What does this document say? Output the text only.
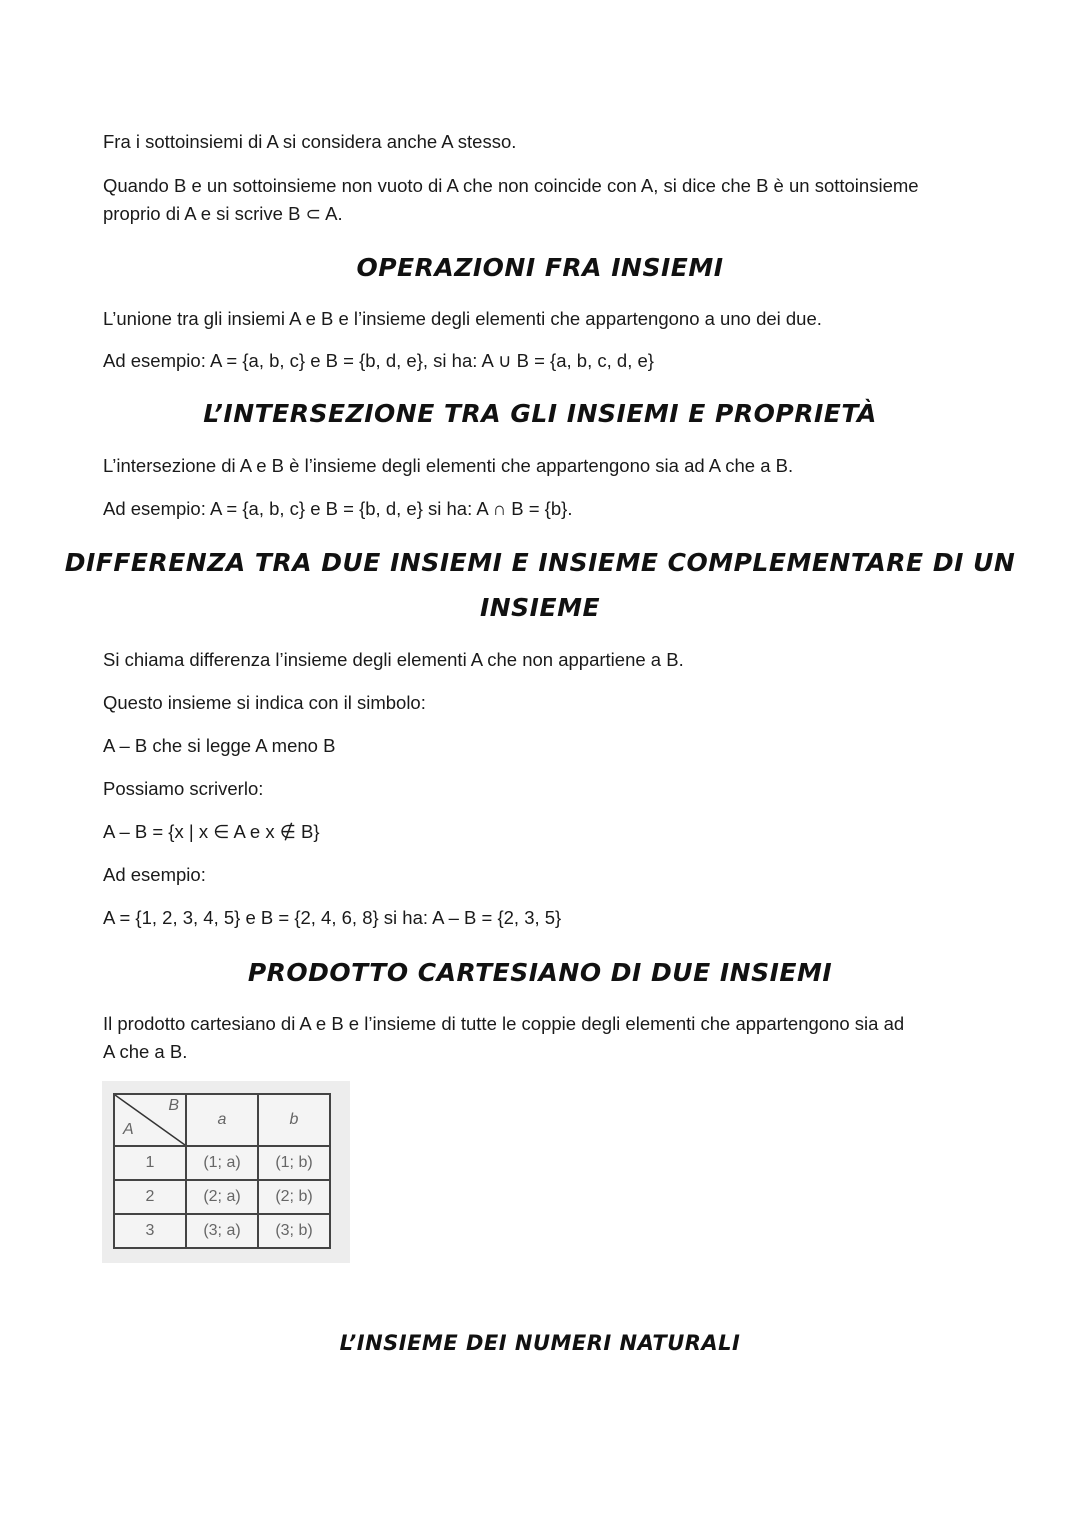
Fra i sottoinsiemi di A si considera anche A stesso.
Quando B e un sottoinsieme non vuoto di A che non coincide con A, si dice che B è un sottoinsieme
proprio di A e si scrive B ⊂ A.
OPERAZIONI FRA INSIEMI
L’unione tra gli insiemi A e B e l’insieme degli elementi che appartengono a uno dei due.
Ad esempio: A = {a, b, c} e B = {b, d, e}, si ha: A ∪ B = {a, b, c, d, e}
L’INTERSEZIONE TRA GLI INSIEMI E PROPRIETÀ
L’intersezione di A e B è l’insieme degli elementi che appartengono sia ad A che a B.
Ad esempio: A = {a, b, c} e B = {b, d, e} si ha: A ∩ B = {b}.
DIFFERENZA TRA DUE INSIEMI E INSIEME COMPLEMENTARE DI UN
INSIEME
Si chiama differenza l’insieme degli elementi A che non appartiene a B.
Questo insieme si indica con il simbolo:
A – B che si legge A meno B
Possiamo scriverlo:
A – B = {x | x ∈ A e x ∉ B}
Ad esempio:
A = {1, 2, 3, 4, 5} e B = {2, 4, 6, 8} si ha: A – B = {2, 3, 5}
PRODOTTO CARTESIANO DI DUE INSIEMI
Il prodotto cartesiano di A e B e l’insieme di tutte le coppie degli elementi che appartengono sia ad
A che a B.
B
A	a	b
1	(1; a)	(1; b)
2	(2; a)	(2; b)
3	(3; a)	(3; b)
L’INSIEME DEI NUMERI NATURALI
